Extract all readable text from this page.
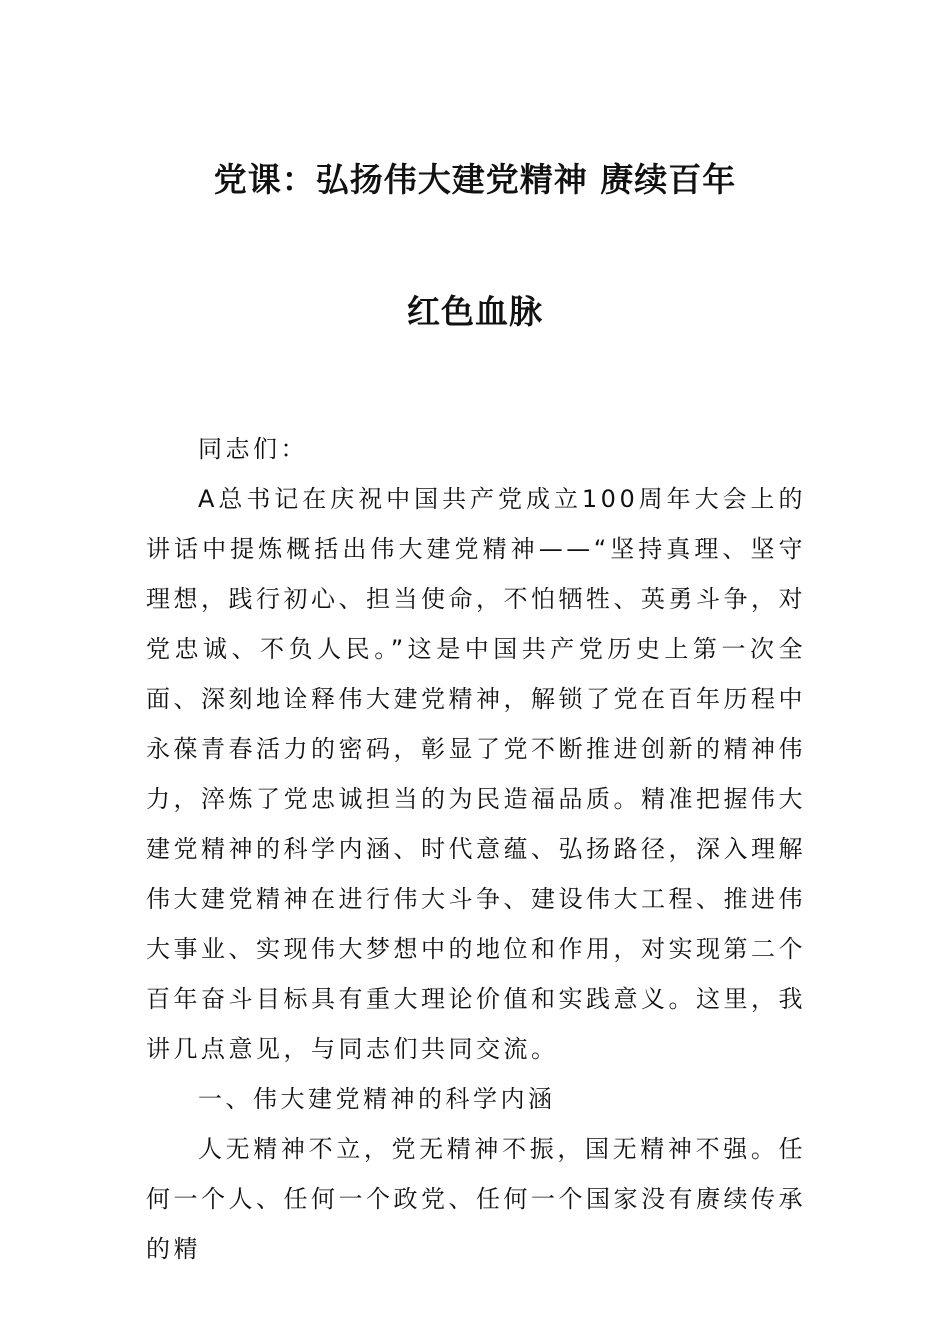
党课：弘扬伟大建党精神 赓续百年
红色血脉

同志们：

A总书记在庆祝中国共产党成立100周年大会上的讲话中提炼概括出伟大建党精神——“坚持真理、坚守理想，践行初心、担当使命，不怕牺牲、英勇斗争，对党忠诚、不负人民。”这是中国共产党历史上第一次全面、深刻地诠释伟大建党精神，解锁了党在百年历程中永葆青春活力的密码，彰显了党不断推进创新的精神伟力，淬炼了党忠诚担当的为民造福品质。精准把握伟大建党精神的科学内涵、时代意蕴、弘扬路径，深入理解伟大建党精神在进行伟大斗争、建设伟大工程、推进伟大事业、实现伟大梦想中的地位和作用，对实现第二个百年奋斗目标具有重大理论价值和实践意义。这里，我讲几点意见，与同志们共同交流。

一、伟大建党精神的科学内涵

人无精神不立，党无精神不振，国无精神不强。任何一个人、任何一个政党、任何一个国家没有赓续传承的精
